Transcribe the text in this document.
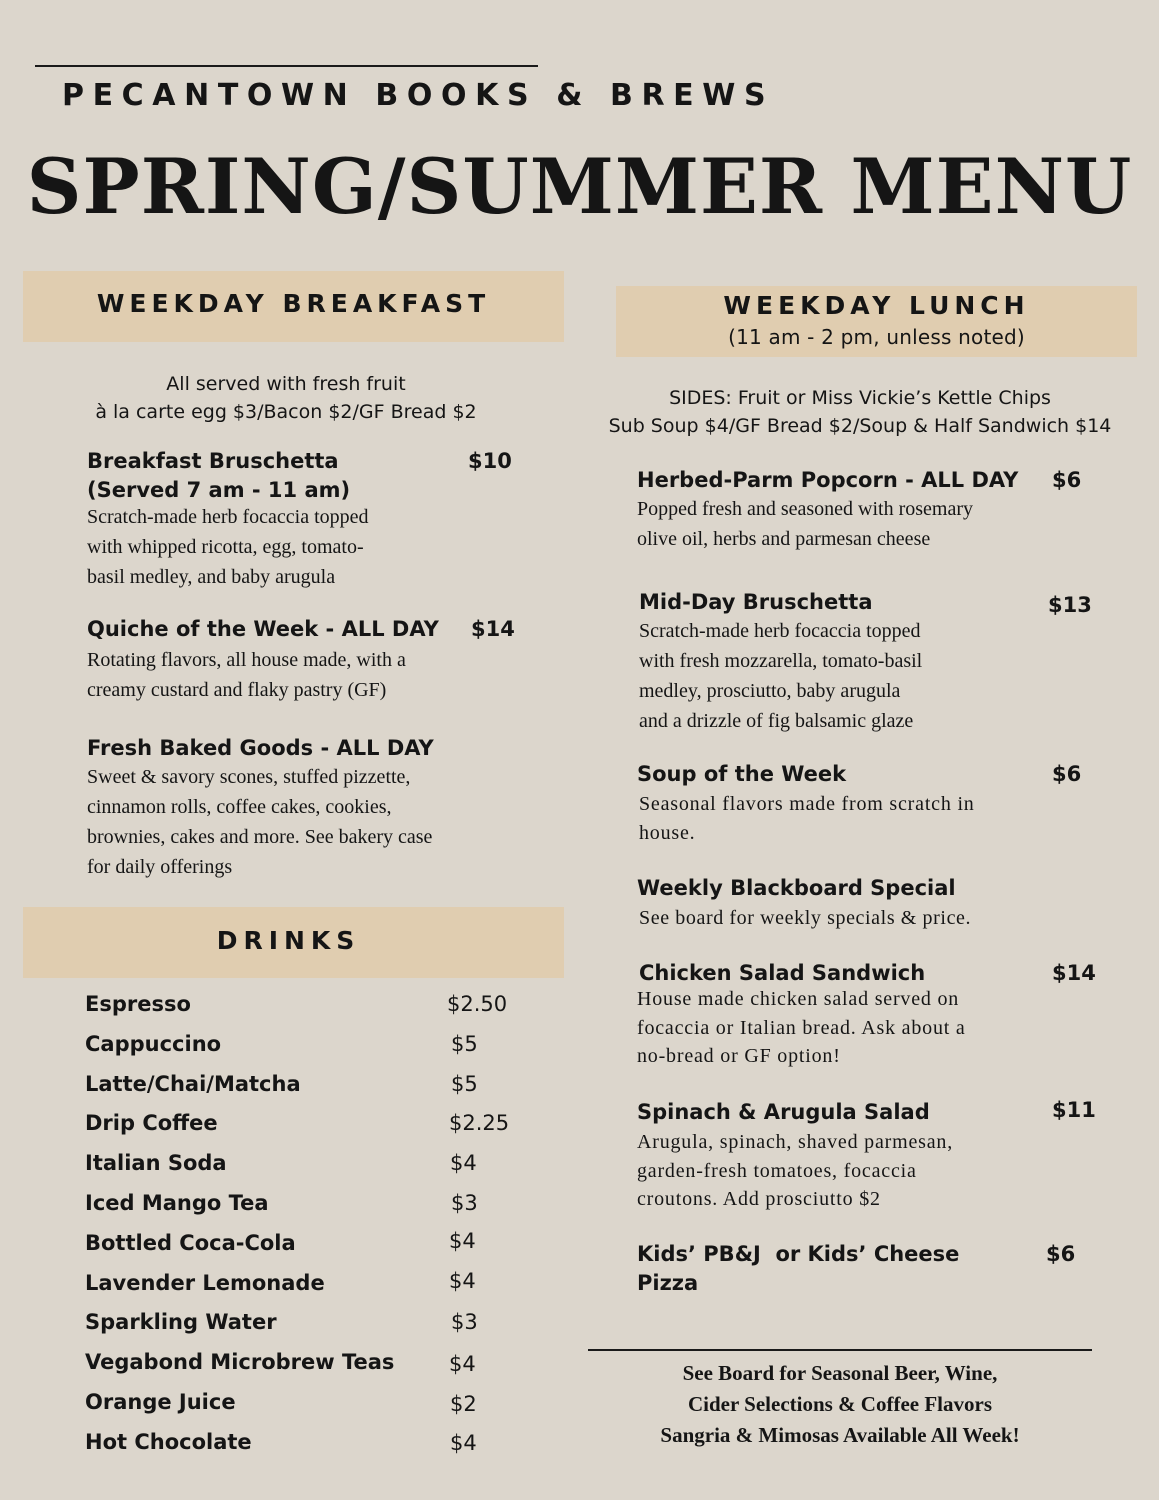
PECANTOWN BOOKS & BREWS
SPRING/SUMMER MENU
WEEKDAY BREAKFAST
All served with fresh fruit
à la carte egg $3/Bacon $2/GF Bread $2
Breakfast Bruschetta
(Served 7 am - 11 am)
$10
Scratch-made herb focaccia topped
with whipped ricotta, egg, tomato-
basil medley, and baby arugula
Quiche of the Week - ALL DAY	$14
Rotating flavors, all house made, with a
creamy custard and flaky pastry (GF)
Fresh Baked Goods - ALL DAY
Sweet & savory scones, stuffed pizzette,
cinnamon rolls, coffee cakes, cookies,
brownies, cakes and more. See bakery case
for daily offerings
DRINKS
Espresso	$2.50
Cappuccino	$5
Latte/Chai/Matcha	$5
Drip Coffee	$2.25
Italian Soda	$4
Iced Mango Tea	$3
Bottled Coca-Cola	$4
Lavender Lemonade	$4
Sparkling Water	$3
Vegabond Microbrew Teas	$4
Orange Juice	$2
Hot Chocolate	$4
WEEKDAY LUNCH
(11 am - 2 pm, unless noted)
SIDES: Fruit or Miss Vickie’s Kettle Chips
Sub Soup $4/GF Bread $2/Soup & Half Sandwich $14
Herbed-Parm Popcorn - ALL DAY	$6
Popped fresh and seasoned with rosemary
olive oil, herbs and parmesan cheese
Mid-Day Bruschetta	$13
Scratch-made herb focaccia topped
with fresh mozzarella, tomato-basil
medley, prosciutto, baby arugula
and a drizzle of fig balsamic glaze
Soup of the Week	$6
Seasonal flavors made from scratch in
house.
Weekly Blackboard Special
See board for weekly specials & price.
Chicken Salad Sandwich	$14
House made chicken salad served on
focaccia or Italian bread. Ask about a
no-bread or GF option!
Spinach & Arugula Salad	$11
Arugula, spinach, shaved parmesan,
garden-fresh tomatoes, focaccia
croutons. Add prosciutto $2
Kids’ PB&J  or Kids’ Cheese
Pizza
$6
See Board for Seasonal Beer, Wine,
Cider Selections & Coffee Flavors
Sangria & Mimosas Available All Week!
